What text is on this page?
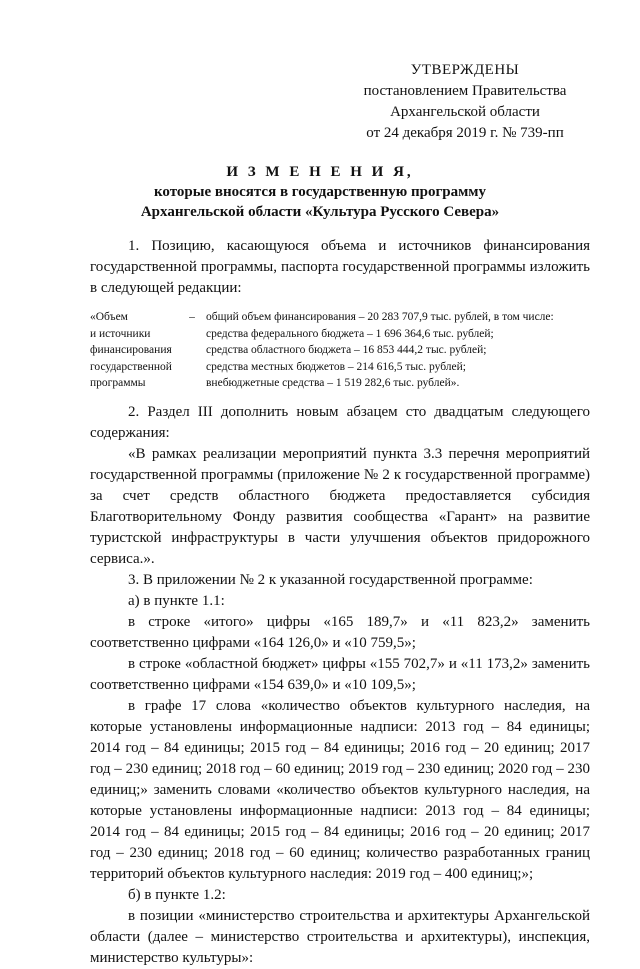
УТВЕРЖДЕНЫ
постановлением Правительства
Архангельской области
от 24 декабря 2019 г. № 739-пп
И З М Е Н Е Н И Я,
которые вносятся в государственную программу
Архангельской области «Культура Русского Севера»

1. Позицию, касающуюся объема и источников финансирования государственной программы, паспорта государственной программы изложить в следующей редакции:

«Объем
и источники
финансирования
государственной
программы
– общий объем финансирования – 20 283 707,9 тыс. рублей, в том числе:
средства федерального бюджета – 1 696 364,6 тыс. рублей;
средства областного бюджета – 16 853 444,2 тыс. рублей;
средства местных бюджетов – 214 616,5 тыс. рублей;
внебюджетные средства – 1 519 282,6 тыс. рублей».

2. Раздел III дополнить новым абзацем сто двадцатым следующего содержания:

«В рамках реализации мероприятий пункта 3.3 перечня мероприятий государственной программы (приложение № 2 к государственной программе) за счет средств областного бюджета предоставляется субсидия Благотворительному Фонду развития сообщества «Гарант» на развитие туристской инфраструктуры в части улучшения объектов придорожного сервиса.».

3. В приложении № 2 к указанной государственной программе:

а) в пункте 1.1:

в строке «итого» цифры «165 189,7» и «11 823,2» заменить соответственно цифрами «164 126,0» и «10 759,5»;

в строке «областной бюджет» цифры «155 702,7» и «11 173,2» заменить соответственно цифрами «154 639,0» и «10 109,5»;

в графе 17 слова «количество объектов культурного наследия, на которые установлены информационные надписи: 2013 год – 84 единицы; 2014 год – 84 единицы; 2015 год – 84 единицы; 2016 год – 20 единиц; 2017 год – 230 единиц; 2018 год – 60 единиц; 2019 год – 230 единиц; 2020 год – 230 единиц;» заменить словами «количество объектов культурного наследия, на которые установлены информационные надписи: 2013 год – 84 единицы; 2014 год – 84 единицы; 2015 год – 84 единицы; 2016 год – 20 единиц; 2017 год – 230 единиц; 2018 год – 60 единиц; количество разработанных границ территорий объектов культурного наследия: 2019 год – 400 единиц;»;

б) в пункте 1.2:

в позиции «министерство строительства и архитектуры Архангельской области (далее – министерство строительства и архитектуры), инспекция, министерство культуры»:
